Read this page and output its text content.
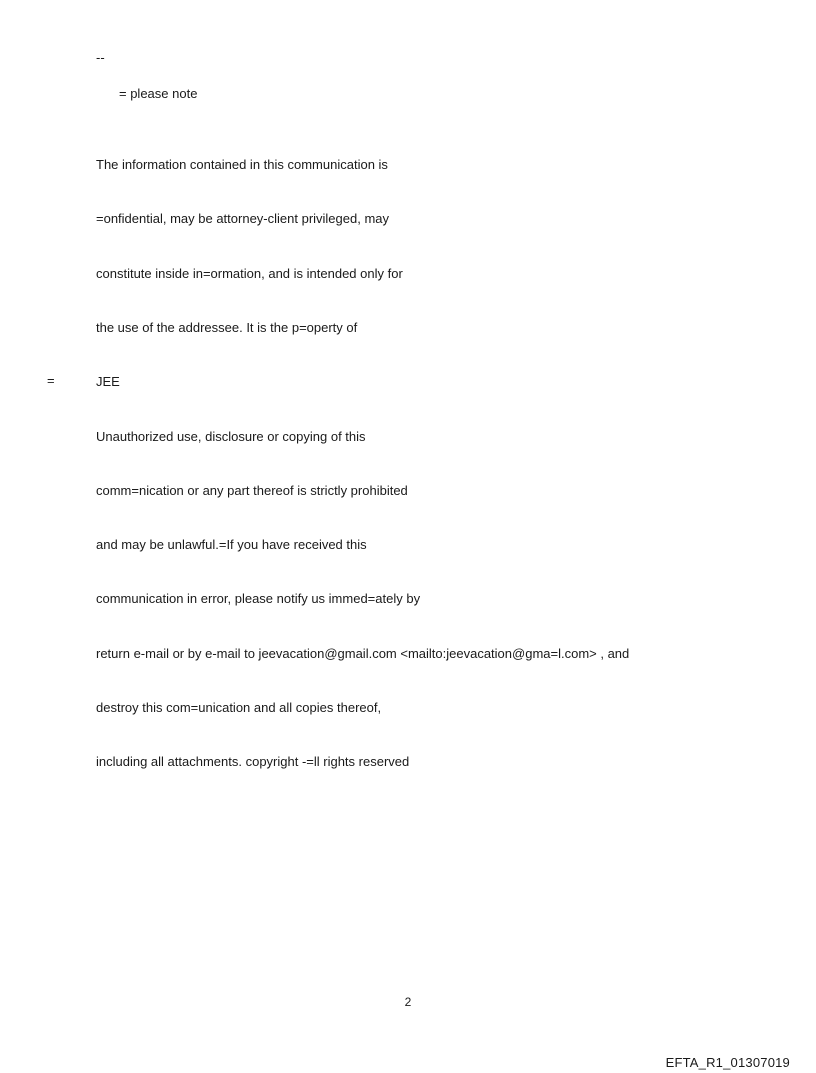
--
= please note

The information contained in this communication is

=onfidential, may be attorney-client privileged, may

constitute inside in=ormation, and is intended only for

the use of the addressee. It is the p=operty of

JEE

Unauthorized use, disclosure or copying of this

comm=nication or any part thereof is strictly prohibited

and may be unlawful.=If you have received this

communication in error, please notify us immed=ately by

return e-mail or by e-mail to jeevacation@gmail.com <mailto:jeevacation@gma=l.com> , and

destroy this com=unication and all copies thereof,

including all attachments. copyright -=ll rights reserved

=
2
EFTA_R1_01307019
